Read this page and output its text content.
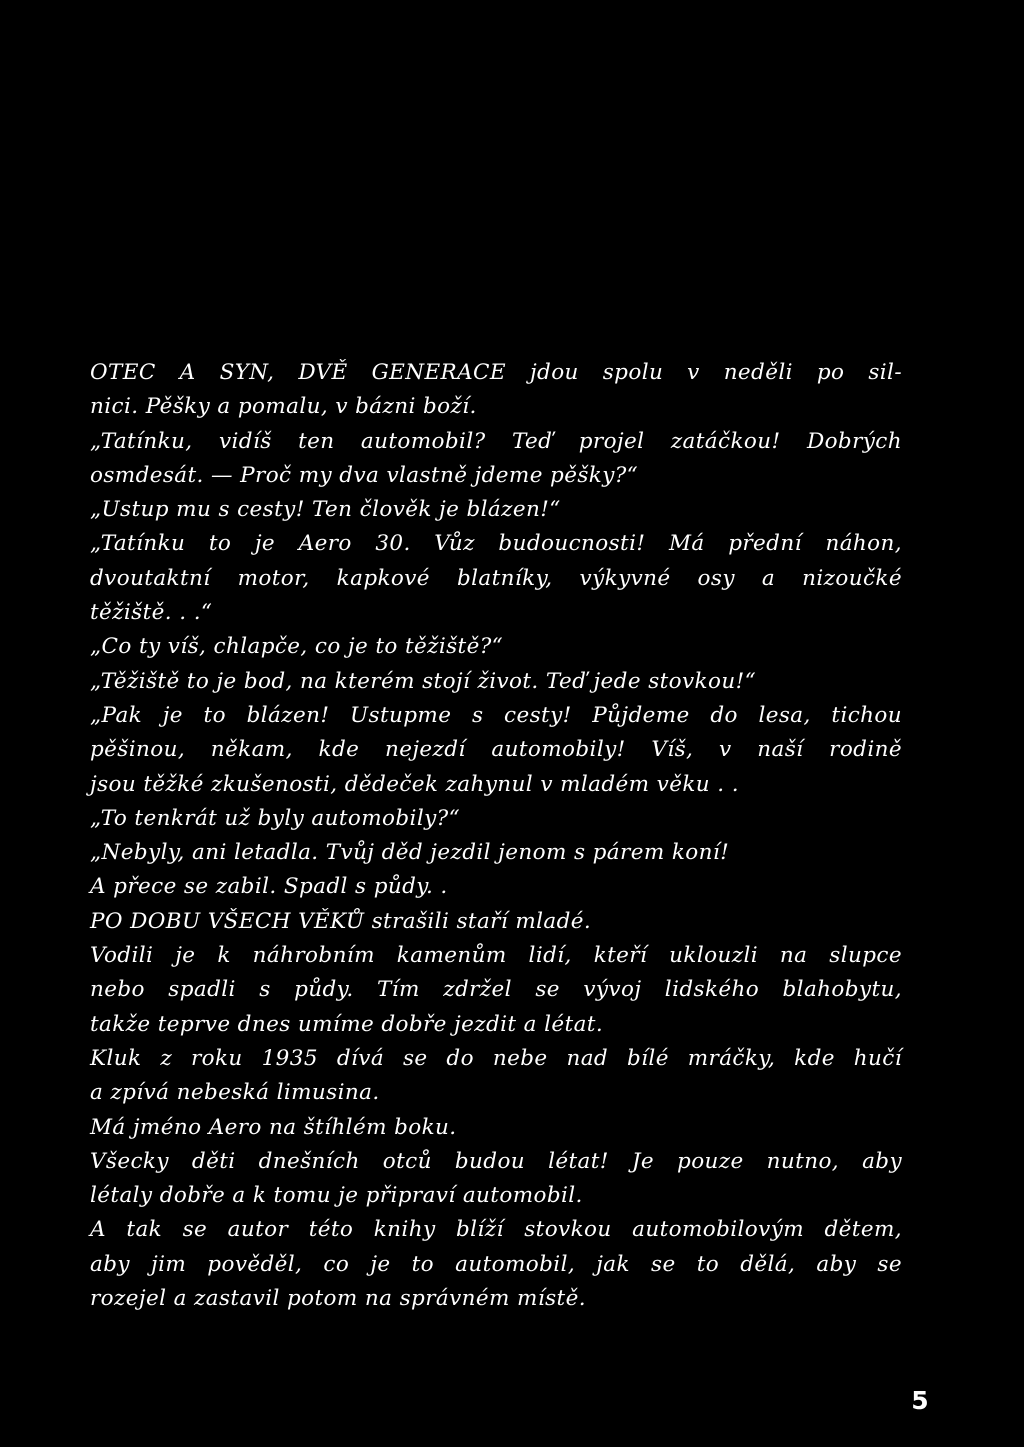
OTEC A SYN, DVĚ GENERACE jdou spolu v neděli po sil-
nici. Pěšky a pomalu, v bázni boží.
„Tatínku, vidíš ten automobil? Teď projel zatáčkou! Dobrých
osmdesát. — Proč my dva vlastně jdeme pěšky?“
„Ustup mu s cesty! Ten člověk je blázen!“
„Tatínku to je Aero 30. Vůz budoucnosti! Má přední náhon,
dvoutaktní motor, kapkové blatníky, výkyvné osy a nizoučké
těžiště. . .“
„Co ty víš, chlapče, co je to těžiště?“
„Těžiště to je bod, na kterém stojí život. Teď jede stovkou!“
„Pak je to blázen! Ustupme s cesty! Půjdeme do lesa, tichou
pěšinou, někam, kde nejezdí automobily! Víš, v naší rodině
jsou těžké zkušenosti, dědeček zahynul v mladém věku . .
„To tenkrát už byly automobily?“
„Nebyly, ani letadla. Tvůj děd jezdil jenom s párem koní!
A přece se zabil. Spadl s půdy. .
PO DOBU VŠECH VĚKŮ strašili staří mladé.
Vodili je k náhrobním kamenům lidí, kteří uklouzli na slupce
nebo spadli s půdy. Tím zdržel se vývoj lidského blahobytu,
takže teprve dnes umíme dobře jezdit a létat.
Kluk z roku 1935 dívá se do nebe nad bílé mráčky, kde hučí
a zpívá nebeská limusina.
Má jméno Aero na štíhlém boku.
Všecky děti dnešních otců budou létat! Je pouze nutno, aby
létaly dobře a k tomu je připraví automobil.
A tak se autor této knihy blíží stovkou automobilovým dětem,
aby jim pověděl, co je to automobil, jak se to dělá, aby se
rozejel a zastavil potom na správném místě.
5
